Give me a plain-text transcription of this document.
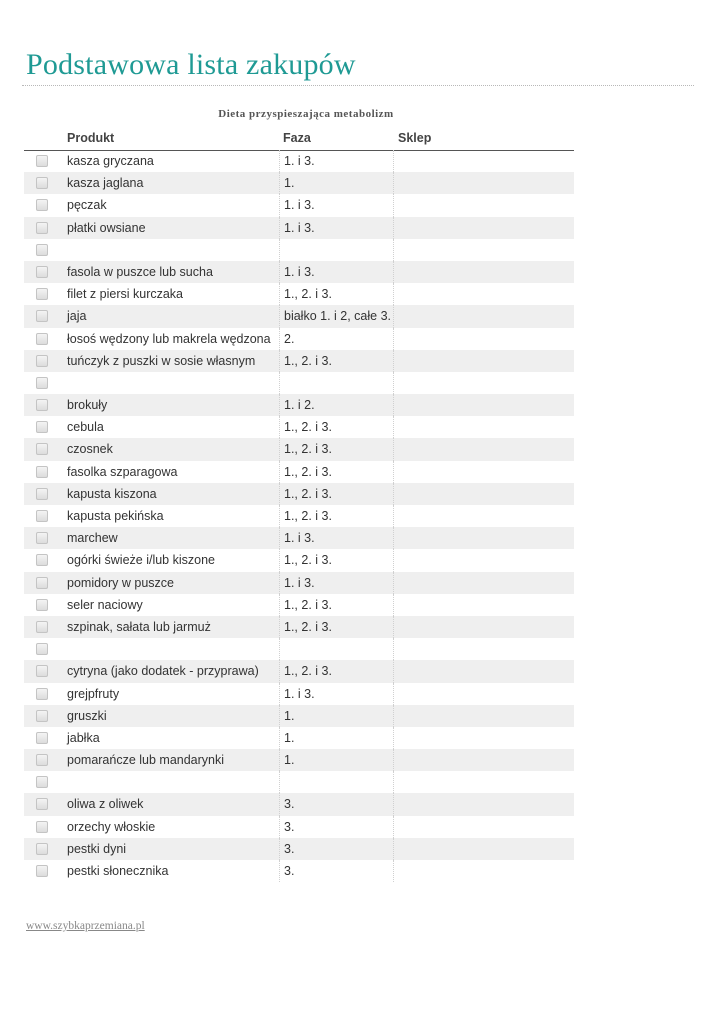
Podstawowa lista zakupów
Dieta przyspieszająca metabolizm
Produkt	Faza	Sklep
kasza gryczana	1. i 3.
kasza jaglana	1.
pęczak	1. i 3.
płatki owsiane	1. i 3.
fasola w puszce lub sucha	1. i 3.
filet z piersi kurczaka	1., 2. i 3.
jaja	białko 1. i 2, całe 3.
łosoś wędzony lub makrela wędzona 2.
tuńczyk z puszki w sosie własnym 1., 2. i 3.
brokuły	1. i 2.
cebula	1., 2. i 3.
czosnek	1., 2. i 3.
fasolka szparagowa	1., 2. i 3.
kapusta kiszona	1., 2. i 3.
kapusta pekińska	1., 2. i 3.
marchew	1. i 3.
ogórki świeże i/lub kiszone	1., 2. i 3.
pomidory w puszce	1. i 3.
seler naciowy	1., 2. i 3.
szpinak, sałata lub jarmuż	1., 2. i 3.
cytryna (jako dodatek - przyprawa) 1., 2. i 3.
grejpfruty	1. i 3.
gruszki	1.
jabłka	1.
pomarańcze lub mandarynki	1.
oliwa z oliwek	3.
orzechy włoskie	3.
pestki dyni	3.
pestki słonecznika	3.
www.szybkaprzemiana.pl
